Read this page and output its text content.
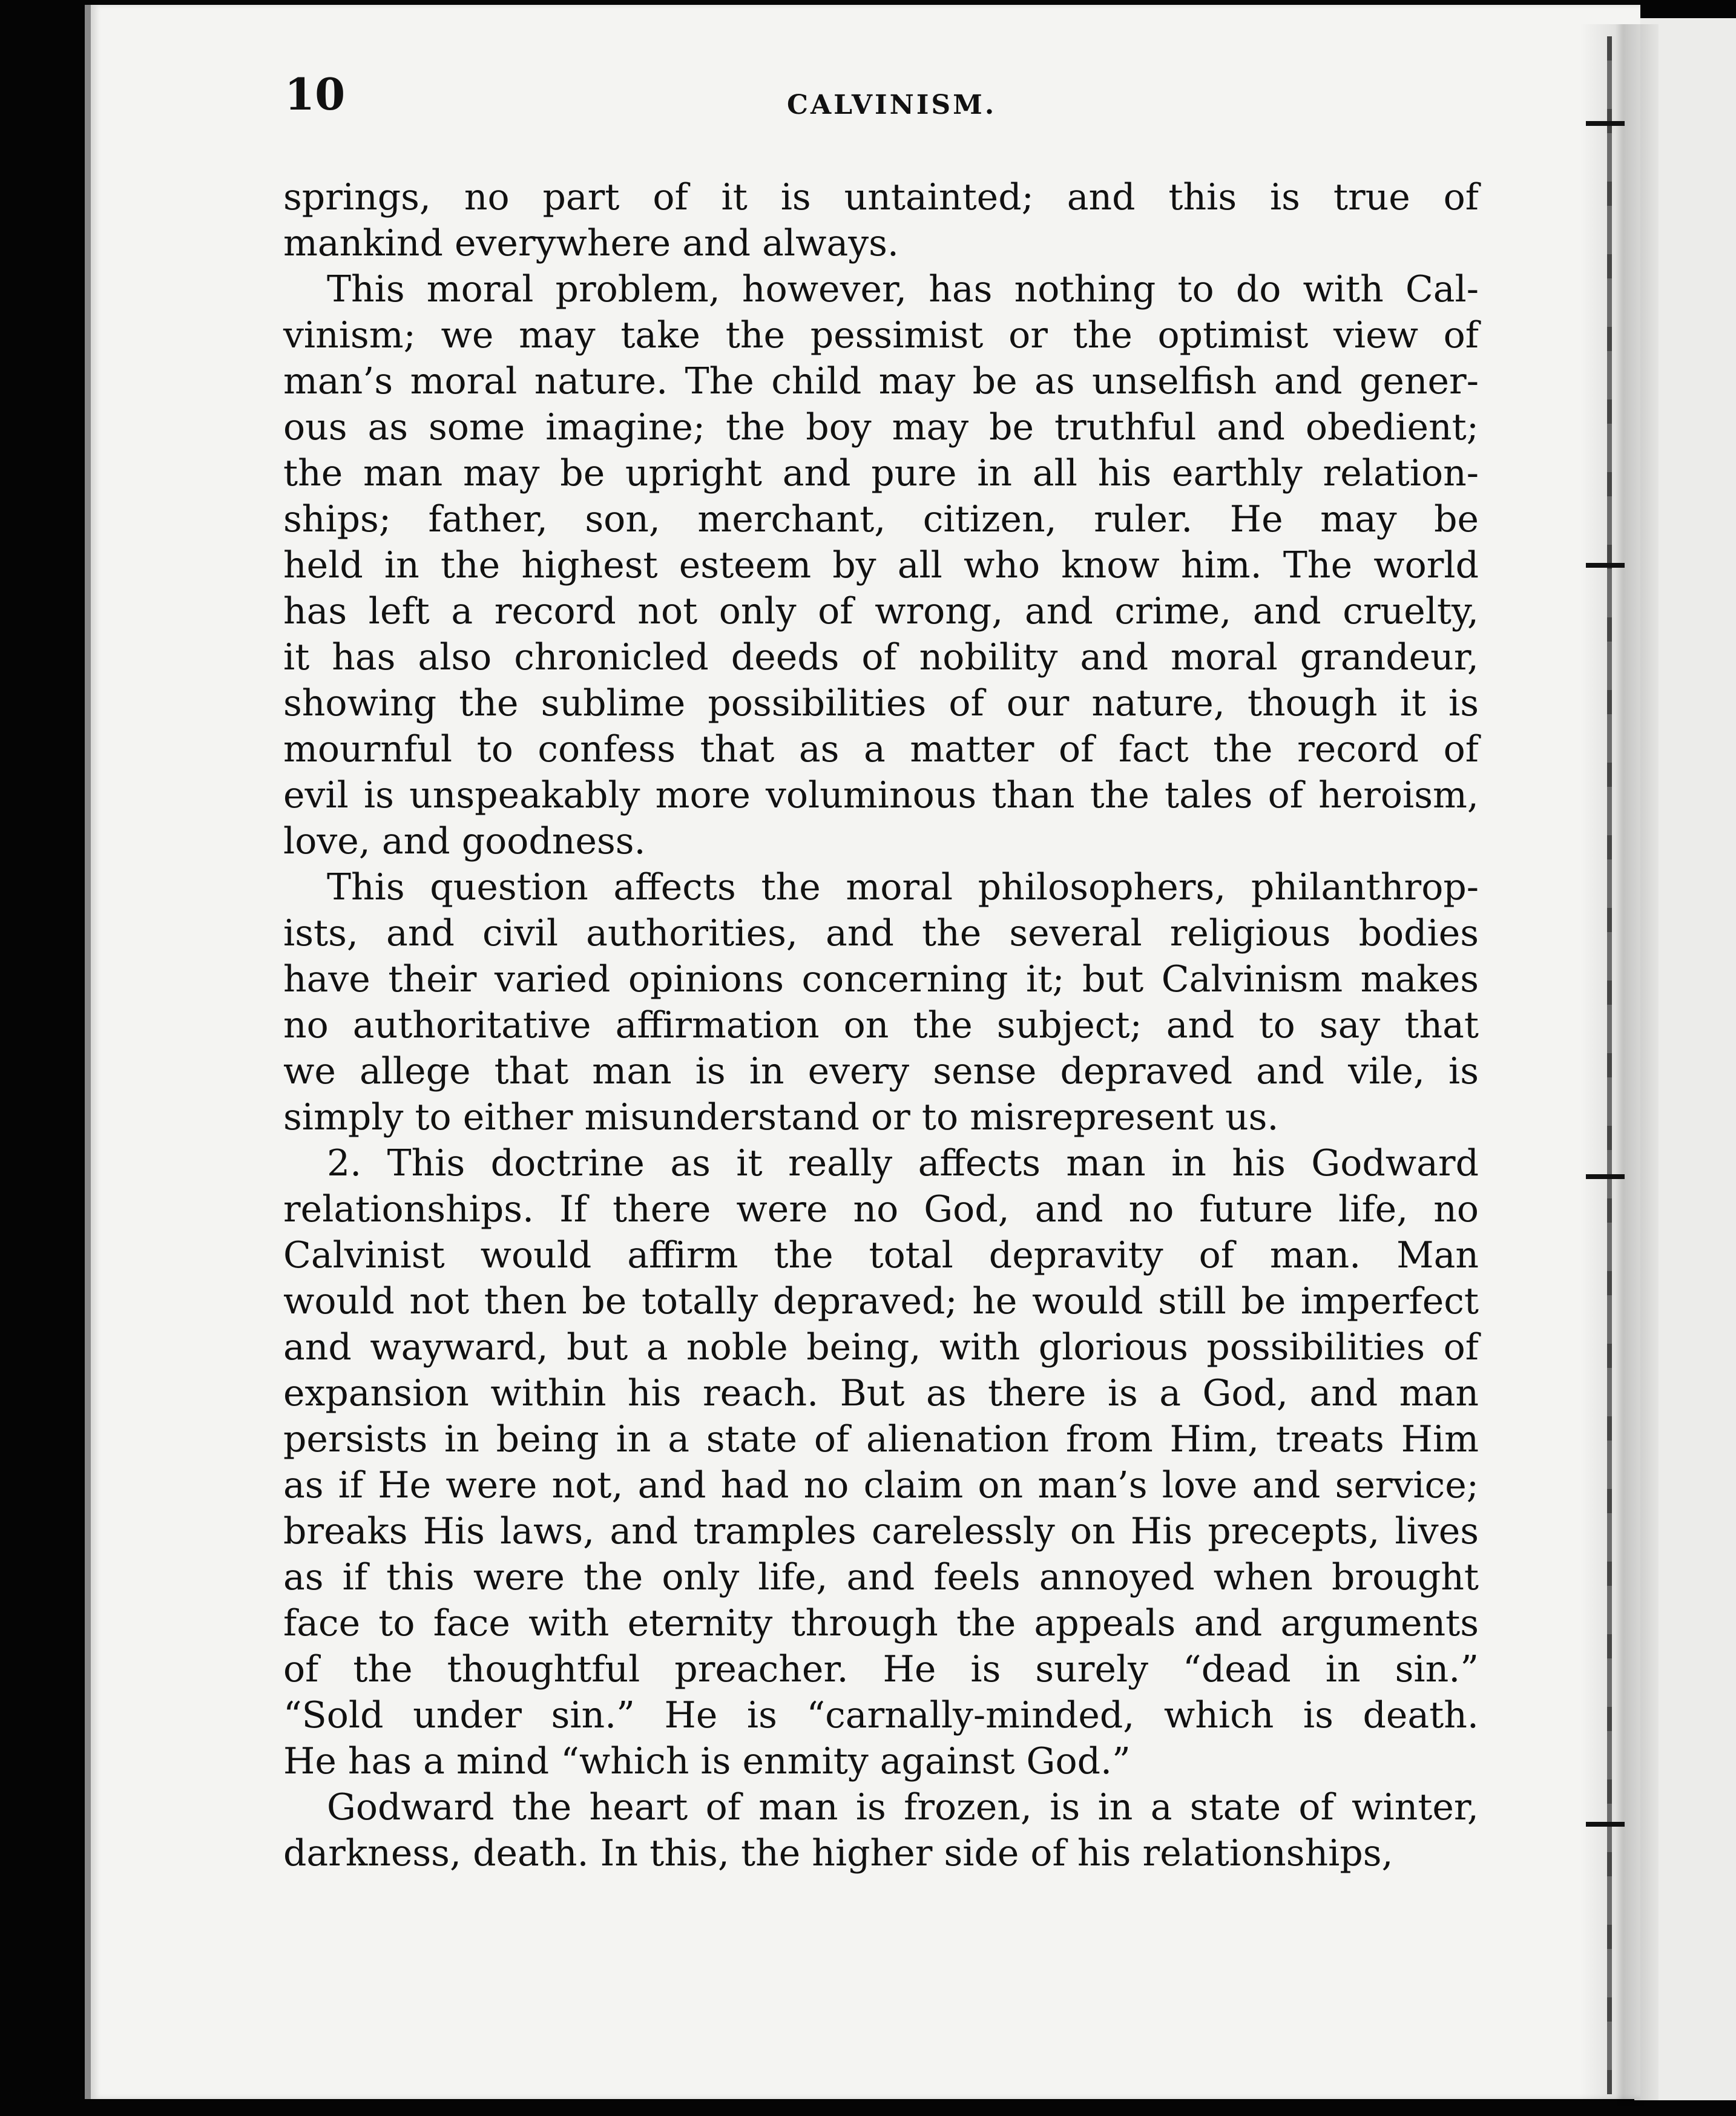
10	CALVINISM.
springs, no part of it is untainted; and this is true of
mankind everywhere and always.
This moral problem, however, has nothing to do with Cal-
vinism; we may take the pessimist or the optimist view of
man’s moral nature. The child may be as unselfish and gener-
ous as some imagine; the boy may be truthful and obedient;
the man may be upright and pure in all his earthly relation-
ships; father, son, merchant, citizen, ruler. He may be
held in the highest esteem by all who know him. The world
has left a record not only of wrong, and crime, and cruelty,
it has also chronicled deeds of nobility and moral grandeur,
showing the sublime possibilities of our nature, though it is
mournful to confess that as a matter of fact the record of
evil is unspeakably more voluminous than the tales of heroism,
love, and goodness.
This question affects the moral philosophers, philanthrop-
ists, and civil authorities, and the several religious bodies
have their varied opinions concerning it; but Calvinism makes
no authoritative affirmation on the subject; and to say that
we allege that man is in every sense depraved and vile, is
simply to either misunderstand or to misrepresent us.
2. This doctrine as it really affects man in his Godward
relationships. If there were no God, and no future life, no
Calvinist would affirm the total depravity of man. Man
would not then be totally depraved; he would still be imperfect
and wayward, but a noble being, with glorious possibilities of
expansion within his reach. But as there is a God, and man
persists in being in a state of alienation from Him, treats Him
as if He were not, and had no claim on man’s love and service;
breaks His laws, and tramples carelessly on His precepts, lives
as if this were the only life, and feels annoyed when brought
face to face with eternity through the appeals and arguments
of the thoughtful preacher. He is surely “dead in sin.”
“Sold under sin.” He is “carnally-minded, which is death.
He has a mind “which is enmity against God.”
Godward the heart of man is frozen, is in a state of winter,
darkness, death. In this, the higher side of his relationships,
